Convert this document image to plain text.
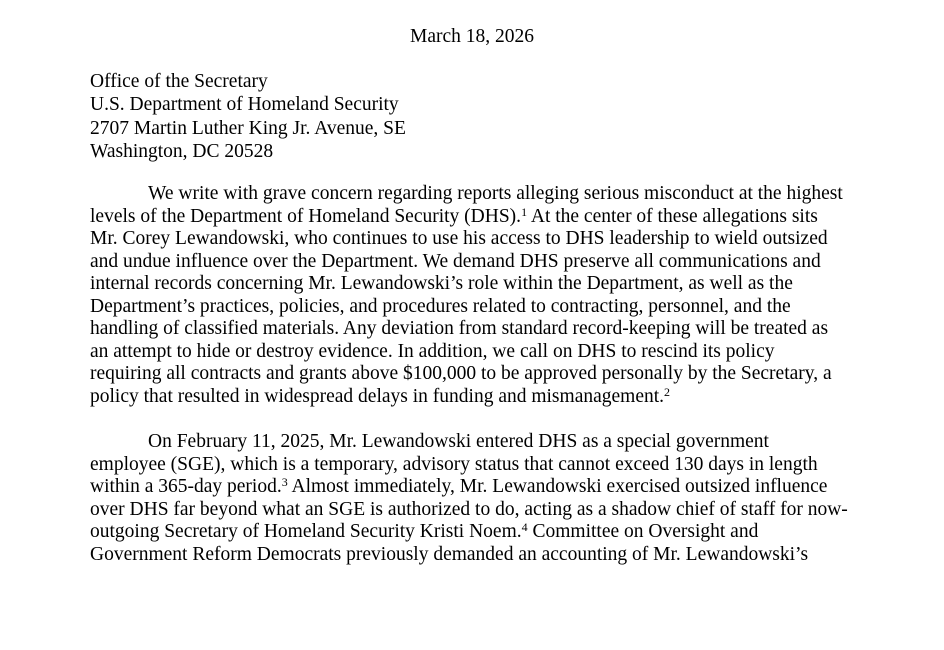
March 18, 2026
Office of the Secretary
U.S. Department of Homeland Security
2707 Martin Luther King Jr. Avenue, SE
Washington, DC 20528
We write with grave concern regarding reports alleging serious misconduct at the highest
levels of the Department of Homeland Security (DHS).$^1$ At the center of these allegations sits
Mr. Corey Lewandowski, who continues to use his access to DHS leadership to wield outsized
and undue influence over the Department. We demand DHS preserve all communications and
internal records concerning Mr. Lewandowski’s role within the Department, as well as the
Department’s practices, policies, and procedures related to contracting, personnel, and the
handling of classified materials. Any deviation from standard record-keeping will be treated as
an attempt to hide or destroy evidence. In addition, we call on DHS to rescind its policy
requiring all contracts and grants above $100,000 to be approved personally by the Secretary, a
policy that resulted in widespread delays in funding and mismanagement.$^2$
On February 11, 2025, Mr. Lewandowski entered DHS as a special government
employee (SGE), which is a temporary, advisory status that cannot exceed 130 days in length
within a 365-day period.$^3$ Almost immediately, Mr. Lewandowski exercised outsized influence
over DHS far beyond what an SGE is authorized to do, acting as a shadow chief of staff for now-
outgoing Secretary of Homeland Security Kristi Noem.$^4$ Committee on Oversight and
Government Reform Democrats previously demanded an accounting of Mr. Lewandowski’s
